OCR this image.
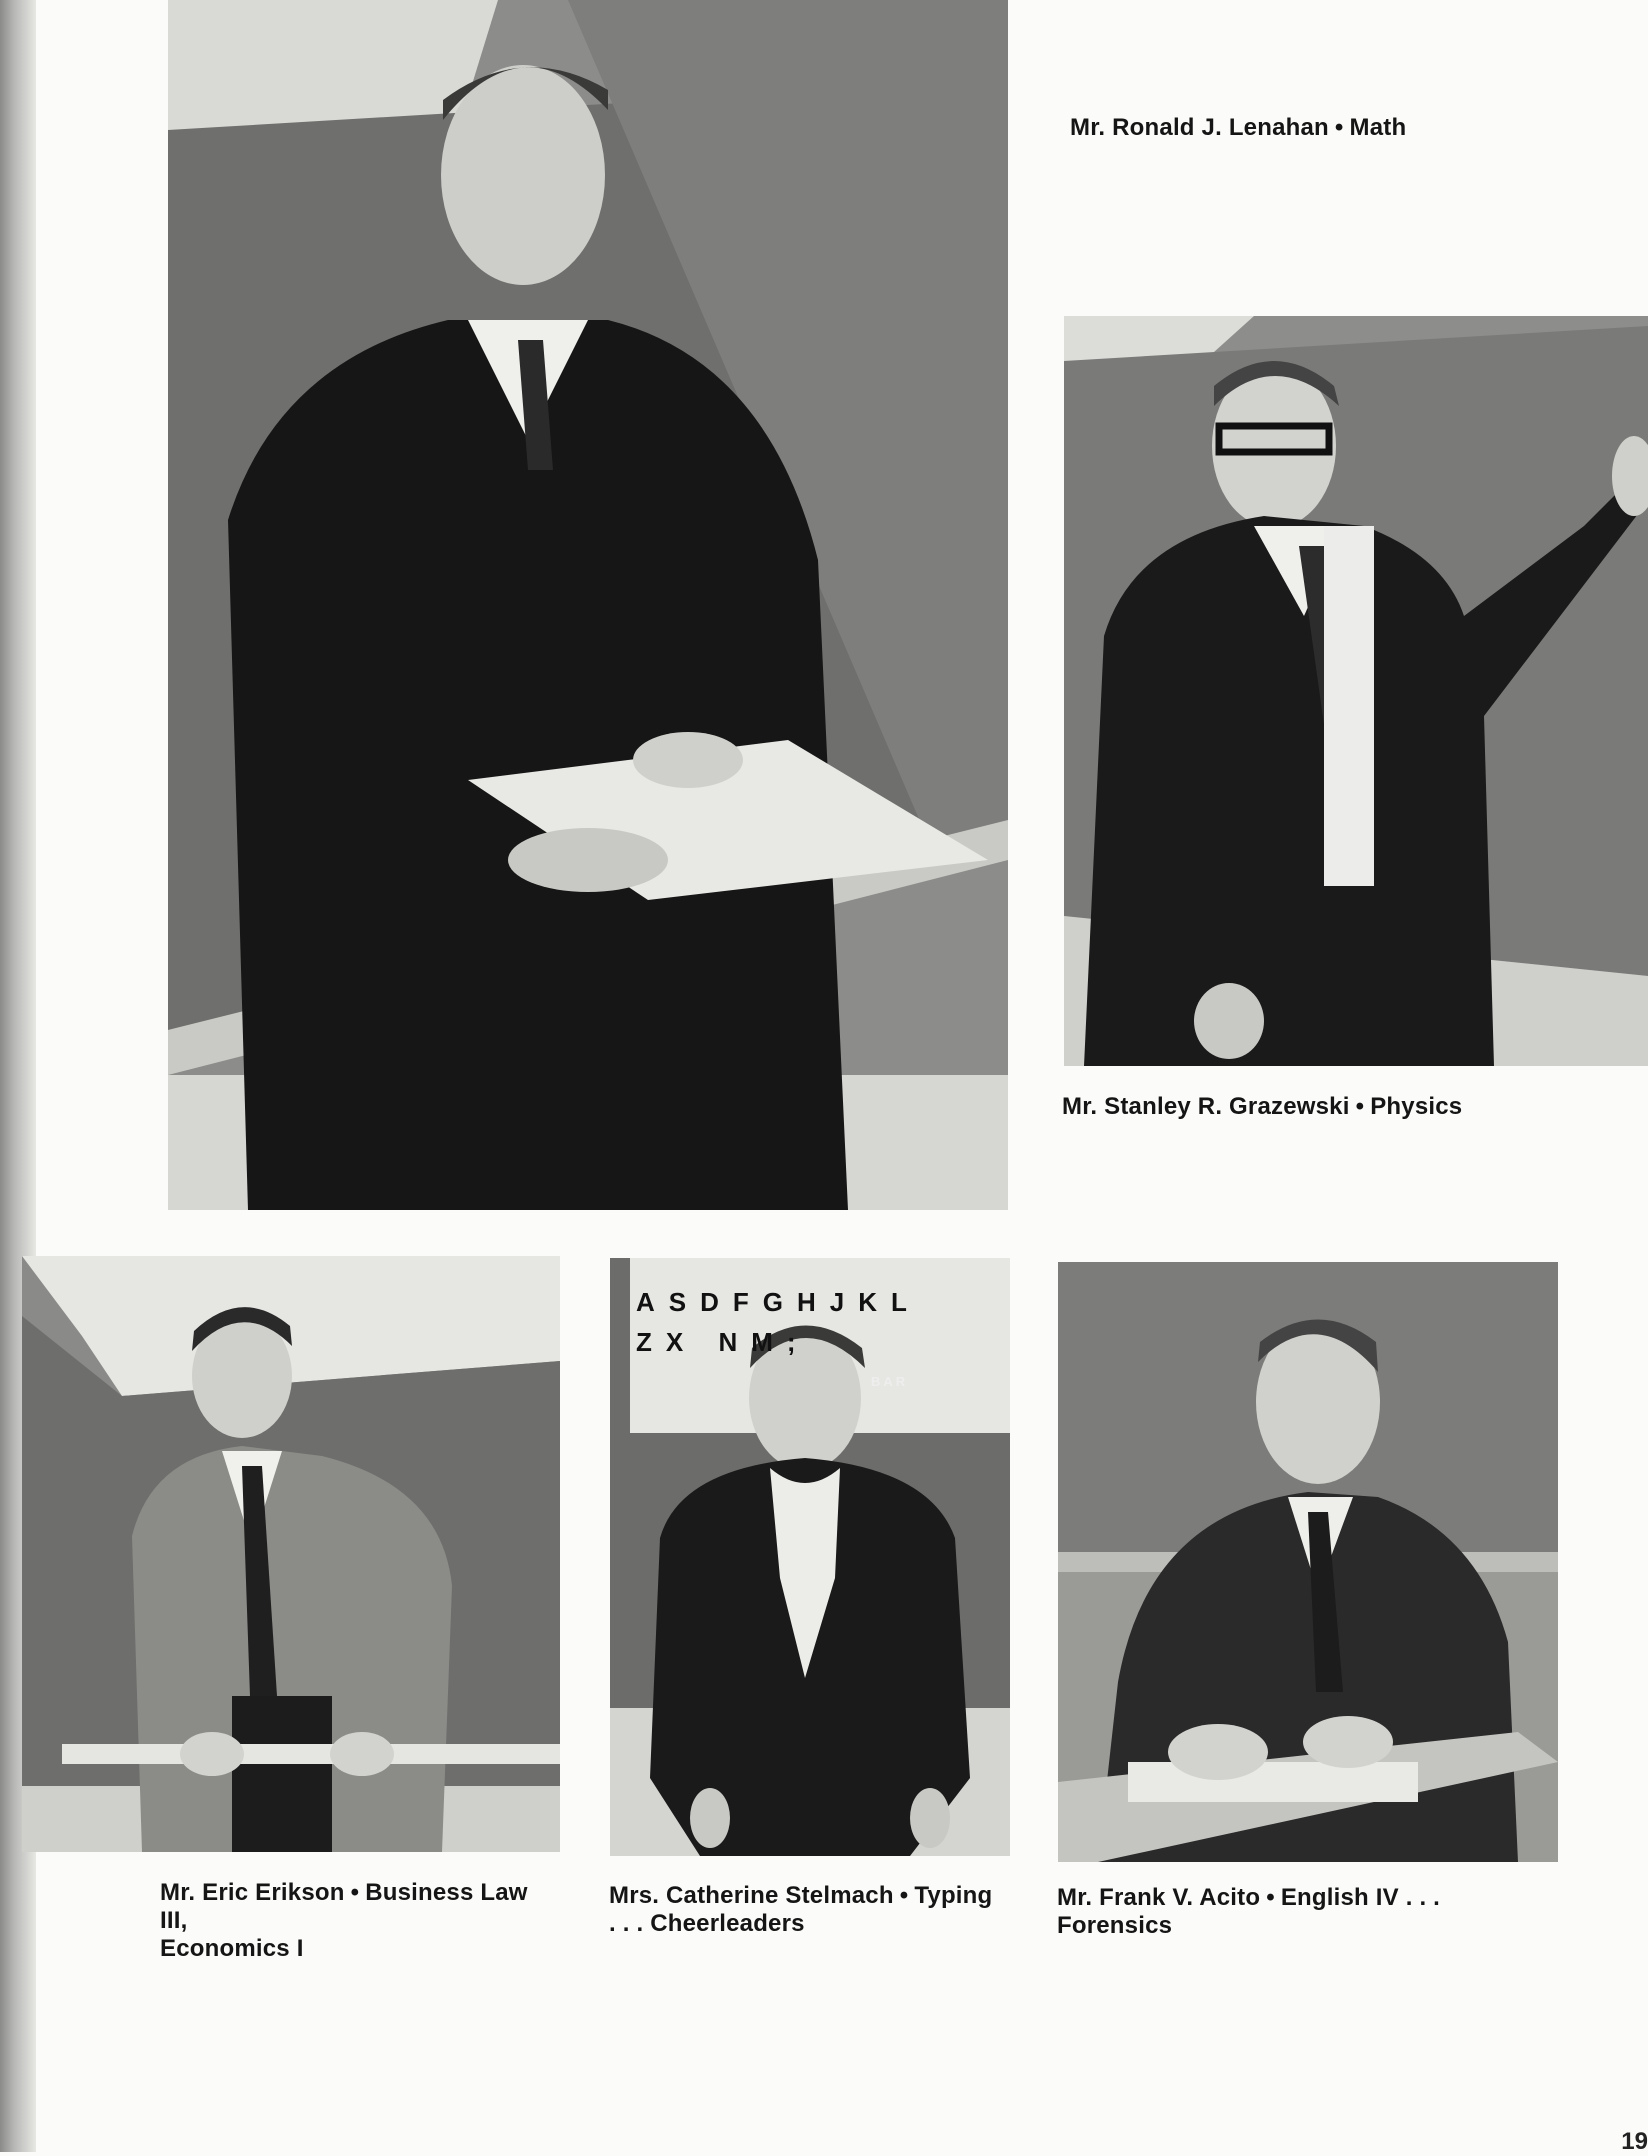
Mr. Ronald J. Lenahan • Math
Mr. Stanley R. Grazewski • Physics
Mr. Eric Erikson • Business Law III,
Economics I
ASDFGHJKL
ZX NM;
BAR
Mrs. Catherine Stelmach • Typing
. . . Cheerleaders
Mr. Frank V. Acito • English IV . . .
Forensics
19
